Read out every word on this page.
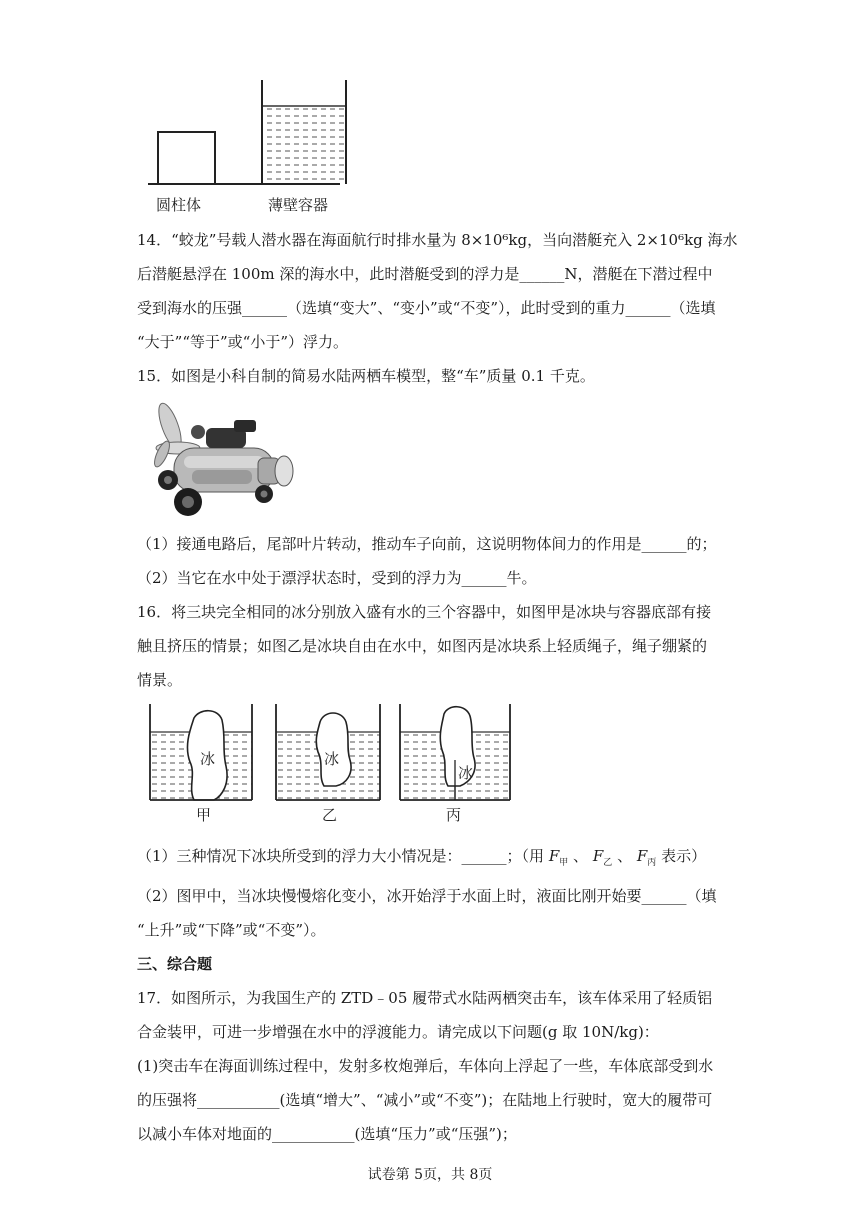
圆柱体	薄壁容器
14．“蛟龙”号载人潜水器在海面航行时排水量为 8×10⁶kg，当向潜艇充入 2×10⁶kg 海水
后潜艇悬浮在 100m 深的海水中，此时潜艇受到的浮力是______N，潜艇在下潜过程中
受到海水的压强______（选填“变大”、“变小”或“不变”），此时受到的重力______（选填
“大于”“等于”或“小于”）浮力。
15．如图是小科自制的简易水陆两栖车模型，整“车”质量 0.1 千克。
（1）接通电路后，尾部叶片转动，推动车子向前，这说明物体间力的作用是______的；
（2）当它在水中处于漂浮状态时，受到的浮力为______牛。
16．将三块完全相同的冰分别放入盛有水的三个容器中，如图甲是冰块与容器底部有接
触且挤压的情景；如图乙是冰块自由在水中，如图丙是冰块系上轻质绳子，绳子绷紧的
情景。
冰	冰
冰
甲	乙	丙
（1）三种情况下冰块所受到的浮力大小情况是：______；（用 $F_甲$ 、 $F_乙$ 、 $F_丙$ 表示）
（2）图甲中，当冰块慢慢熔化变小，冰开始浮于水面上时，液面比刚开始要______（填
“上升”或“下降”或“不变”）。
三、综合题
17．如图所示，为我国生产的 ZTD﹣05 履带式水陆两栖突击车，该车体采用了轻质铝
合金装甲，可进一步增强在水中的浮渡能力。请完成以下问题(g 取 10N/kg)：
(1)突击车在海面训练过程中，发射多枚炮弹后，车体向上浮起了一些，车体底部受到水
的压强将___________(选填“增大”、“减小”或“不变”)；在陆地上行驶时，宽大的履带可
以减小车体对地面的___________(选填“压力”或“压强”)；
试卷第 5页，共 8页
